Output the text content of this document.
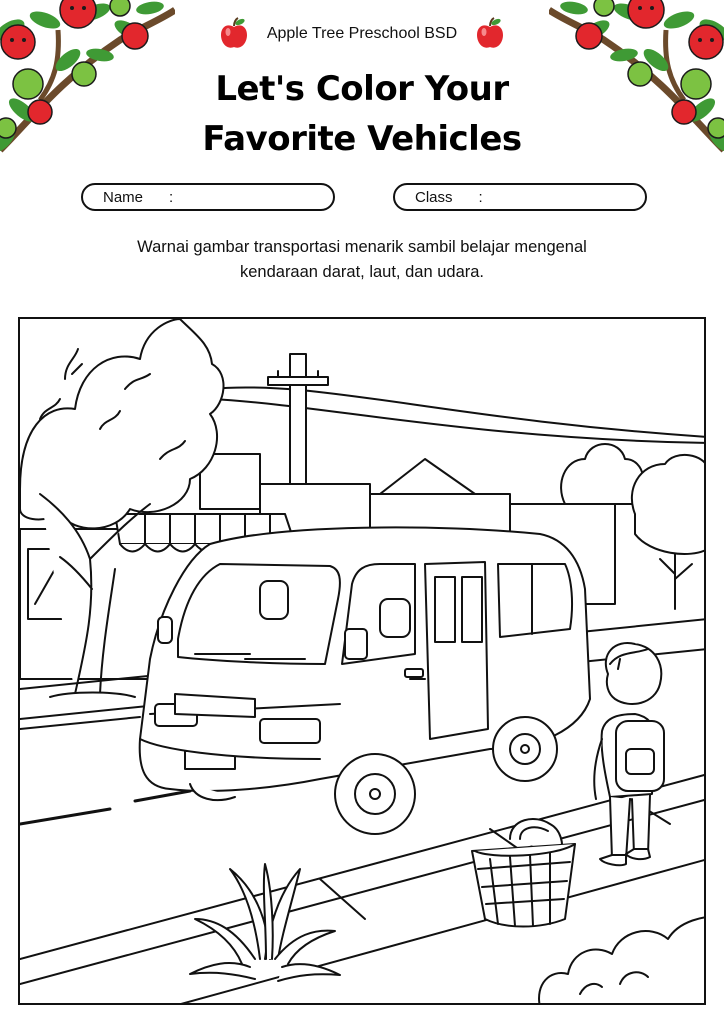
Apple Tree Preschool BSD
Let's Color Your
Favorite Vehicles
Name :	Class :
Warnai gambar transportasi menarik sambil belajar mengenal
kendaraan darat, laut, dan udara.
